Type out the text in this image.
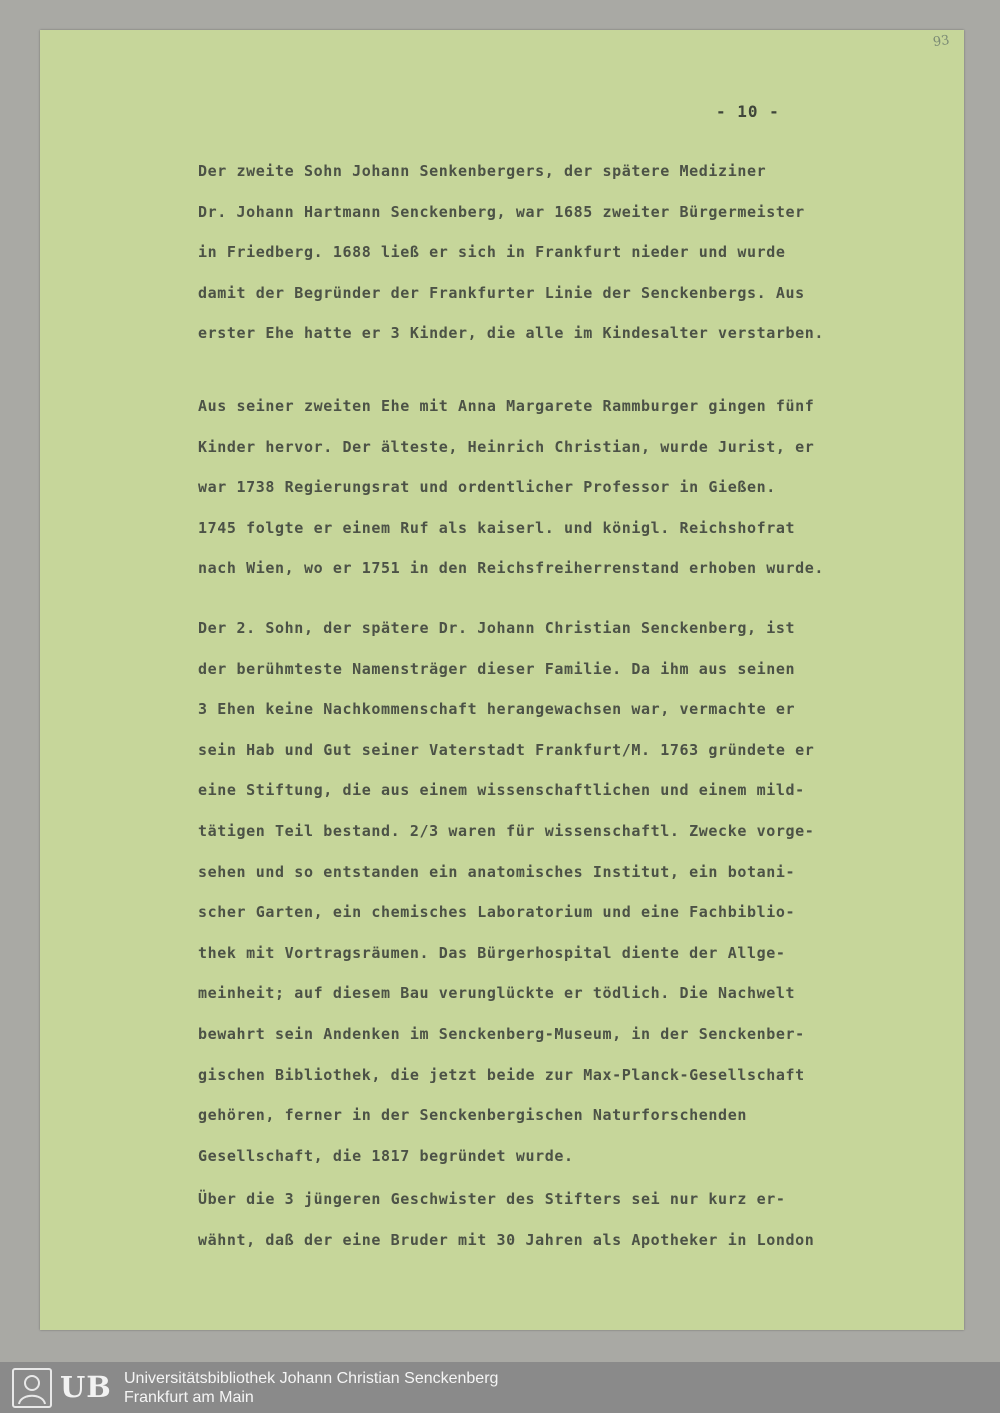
93

- 10 -

Der zweite Sohn Johann Senkenbergers, der spätere Mediziner
Dr. Johann Hartmann Senckenberg, war 1685 zweiter Bürgermeister
in Friedberg. 1688 ließ er sich in Frankfurt nieder und wurde
damit der Begründer der Frankfurter Linie der Senckenbergs. Aus
erster Ehe hatte er 3 Kinder, die alle im Kindesalter verstarben.
Aus seiner zweiten Ehe mit Anna Margarete Rammburger gingen fünf
Kinder hervor. Der älteste, Heinrich Christian, wurde Jurist, er
war 1738 Regierungsrat und ordentlicher Professor in Gießen.
1745 folgte er einem Ruf als kaiserl. und königl. Reichshofrat
nach Wien, wo er 1751 in den Reichsfreiherrenstand erhoben wurde.
Der 2. Sohn, der spätere Dr. Johann Christian Senckenberg, ist
der berühmteste Namensträger dieser Familie. Da ihm aus seinen
3 Ehen keine Nachkommenschaft herangewachsen war, vermachte er
sein Hab und Gut seiner Vaterstadt Frankfurt/M. 1763 gründete er
eine Stiftung, die aus einem wissenschaftlichen und einem mild-
tätigen Teil bestand. 2/3 waren für wissenschaftl. Zwecke vorge-
sehen und so entstanden ein anatomisches Institut, ein botani-
scher Garten, ein chemisches Laboratorium und eine Fachbiblio-
thek mit Vortragsräumen. Das Bürgerhospital diente der Allge-
meinheit; auf diesem Bau verunglückte er tödlich. Die Nachwelt
bewahrt sein Andenken im Senckenberg-Museum, in der Senckenber-
gischen Bibliothek, die jetzt beide zur Max-Planck-Gesellschaft
gehören, ferner in der Senckenbergischen Naturforschenden
Gesellschaft, die 1817 begründet wurde.
Über die 3 jüngeren Geschwister des Stifters sei nur kurz er-
wähnt, daß der eine Bruder mit 30 Jahren als Apotheker in London
UB Universitätsbibliothek Johann Christian Senckenberg

Frankfurt am Main
